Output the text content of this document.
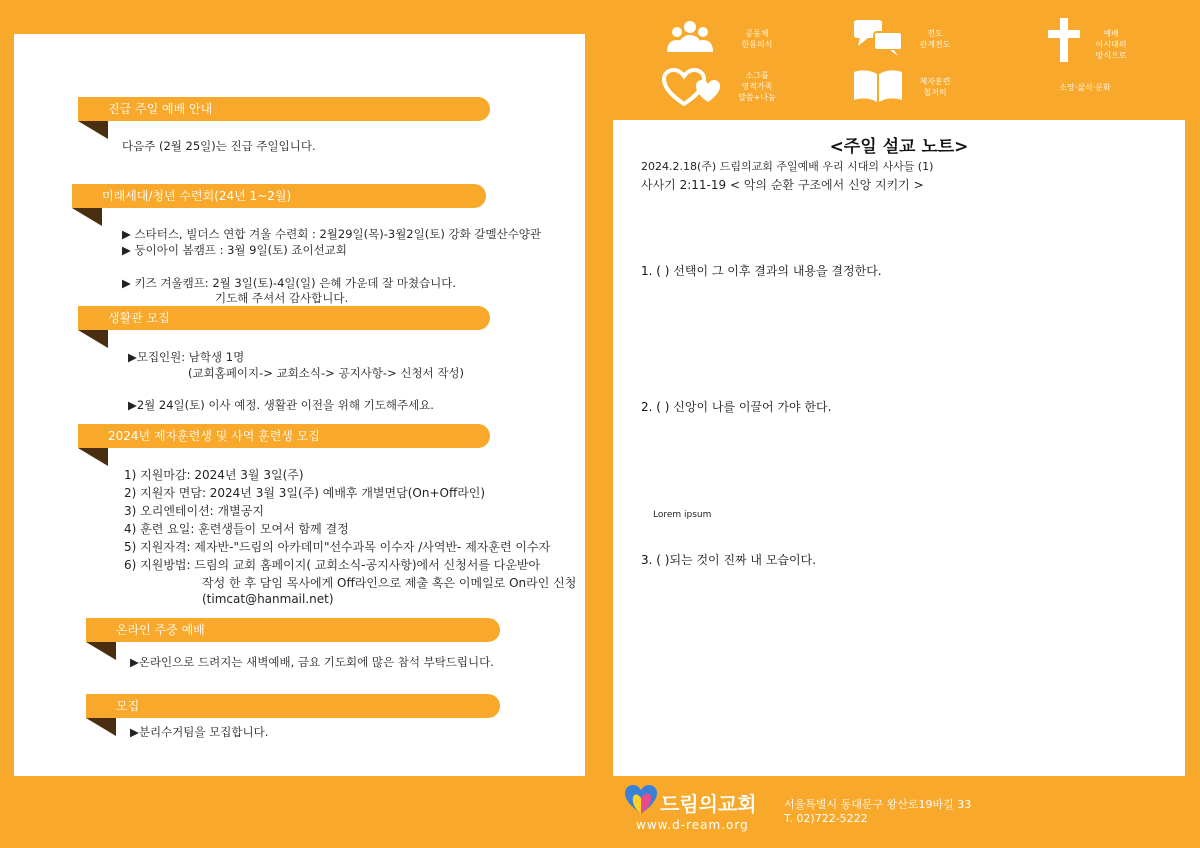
진급 주일 예배 안내
다음주 (2월 25일)는 진급 주일입니다.
미래세대/청년 수련회(24년 1~2월)
▶ 스타터스, 빌더스 연합 겨울 수련회 : 2월29일(목)-3월2일(토) 강화 갈멜산수양관
▶ 둥이아이 봄캠프 : 3월 9일(토) 죠이선교회
▶ 키즈 겨울캠프: 2월 3일(토)-4일(일) 은혜 가운데 잘 마쳤습니다.
기도해 주셔서 감사합니다.
생활관 모집
▶모집인원: 남학생 1명
(교회홈페이지-> 교회소식-> 공지사항-> 신청서 작성)
▶2월 24일(토) 이사 예정. 생활관 이전을 위해 기도해주세요.
2024년 제자훈련생 및 사역 훈련생 모집
1) 지원마감: 2024년 3월 3일(주)
2) 지원자 면담: 2024년 3월 3일(주) 예배후 개별면담(On+Off라인)
3) 오리엔테이션: 개별공지
4) 훈련 요일: 훈련생들이 모여서 함께 결정
5) 지원자격: 제자반-"드림의 아카데미"선수과목 이수자 /사역반- 제자훈련 이수자
6) 지원방법: 드림의 교회 홈페이지( 교회소식-공지사항)에서 신청서를 다운받아
작성 한 후 담임 목사에게 Off라인으로 제출 혹은 이메일로 On라인 신청
(timcat@hanmail.net)
온라인 주중 예배
▶온라인으로 드려지는 새벽예배, 금요 기도회에 많은 참석 부탁드립니다.
모집
▶분리수거팀을 모집합니다.
공동체
한몸의식
전도
관계전도
예배
이시대의
방식으로
소그룹
영적가족
말씀+나눔
제자훈련
철저히
소망·삶식·문화
<주일 설교 노트>
2024.2.18(주) 드림의교회 주일예배 우리 시대의 사사들 (1)
사사기 2:11-19 < 악의 순환 구조에서 신앙 지키기 >
1. ( ) 선택이 그 이후 결과의 내용을 결정한다.
2. ( ) 신앙이 나를 이끌어 가야 한다.
Lorem ipsum
3. ( )되는 것이 진짜 내 모습이다.
드림의교회
www.d-ream.org
서울특별시 동대문구 왕산로19바길 33
T. 02)722-5222
